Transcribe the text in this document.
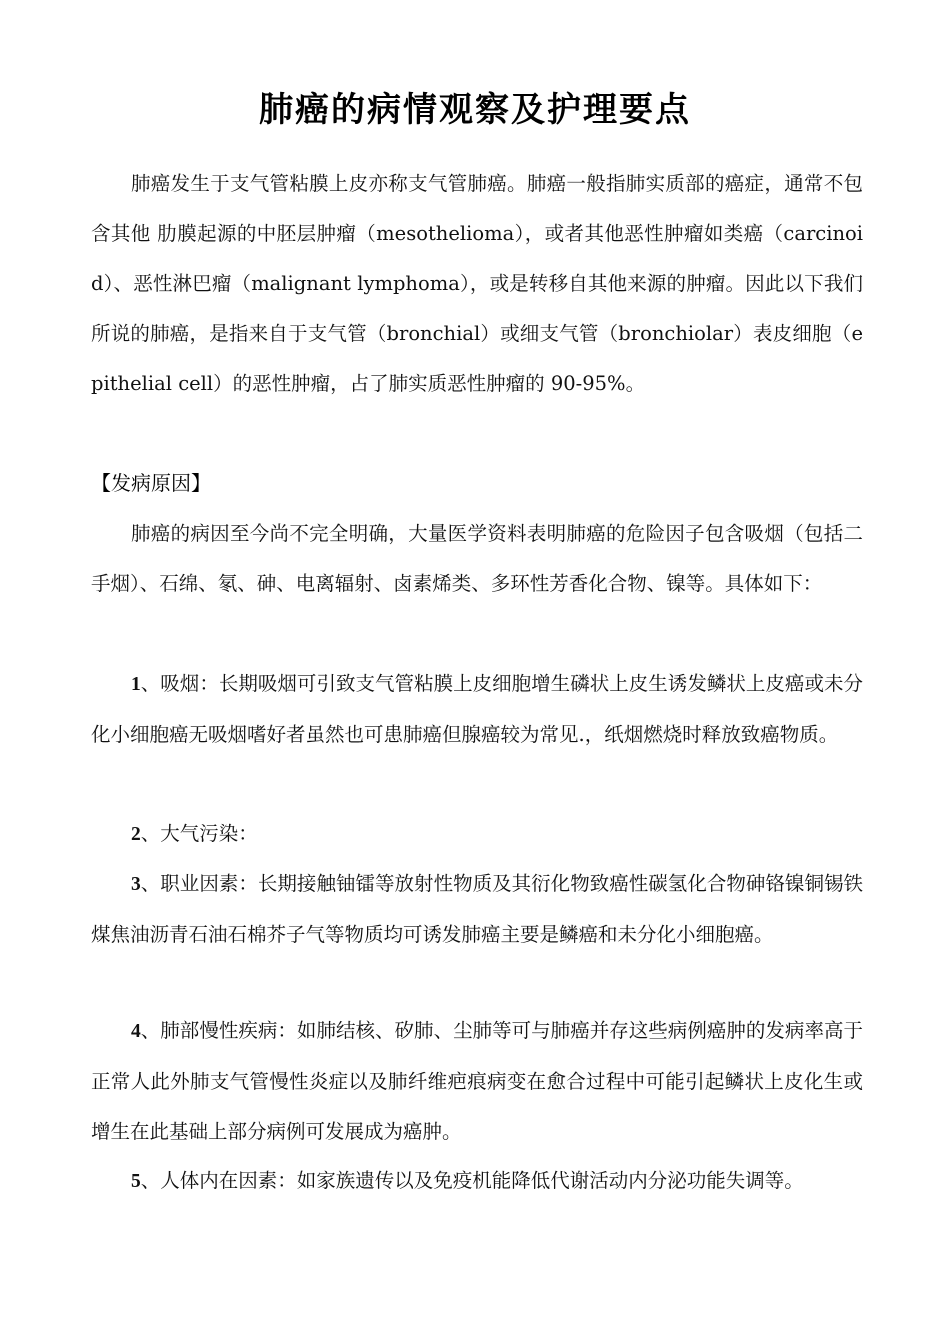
肺癌的病情观察及护理要点
肺癌发生于支气管粘膜上皮亦称支气管肺癌。肺癌一般指肺实质部的癌症，通常不包含其他 肋膜起源的中胚层肿瘤（mesothelioma），或者其他恶性肿瘤如类癌（carcinoid）、恶性淋巴瘤（malignant lymphoma），或是转移自其他来源的肿瘤。因此以下我们所说的肺癌，是指来自于支气管（bronchial）或细支气管（bronchiolar）表皮细胞（epithelial cell）的恶性肿瘤，占了肺实质恶性肿瘤的 90-95%。
【发病原因】
肺癌的病因至今尚不完全明确，大量医学资料表明肺癌的危险因子包含吸烟（包括二手烟）、石绵、氡、砷、电离辐射、卤素烯类、多环性芳香化合物、镍等。具体如下：
1、吸烟：长期吸烟可引致支气管粘膜上皮细胞增生磷状上皮生诱发鳞状上皮癌或未分化小细胞癌无吸烟嗜好者虽然也可患肺癌但腺癌较为常见.，纸烟燃烧时释放致癌物质。
2、大气污染：
3、职业因素：长期接触铀镭等放射性物质及其衍化物致癌性碳氢化合物砷铬镍铜锡铁煤焦油沥青石油石棉芥子气等物质均可诱发肺癌主要是鳞癌和未分化小细胞癌。
4、肺部慢性疾病：如肺结核、矽肺、尘肺等可与肺癌并存这些病例癌肿的发病率高于正常人此外肺支气管慢性炎症以及肺纤维疤痕病变在愈合过程中可能引起鳞状上皮化生或增生在此基础上部分病例可发展成为癌肿。
5、人体内在因素：如家族遗传以及免疫机能降低代谢活动内分泌功能失调等。
